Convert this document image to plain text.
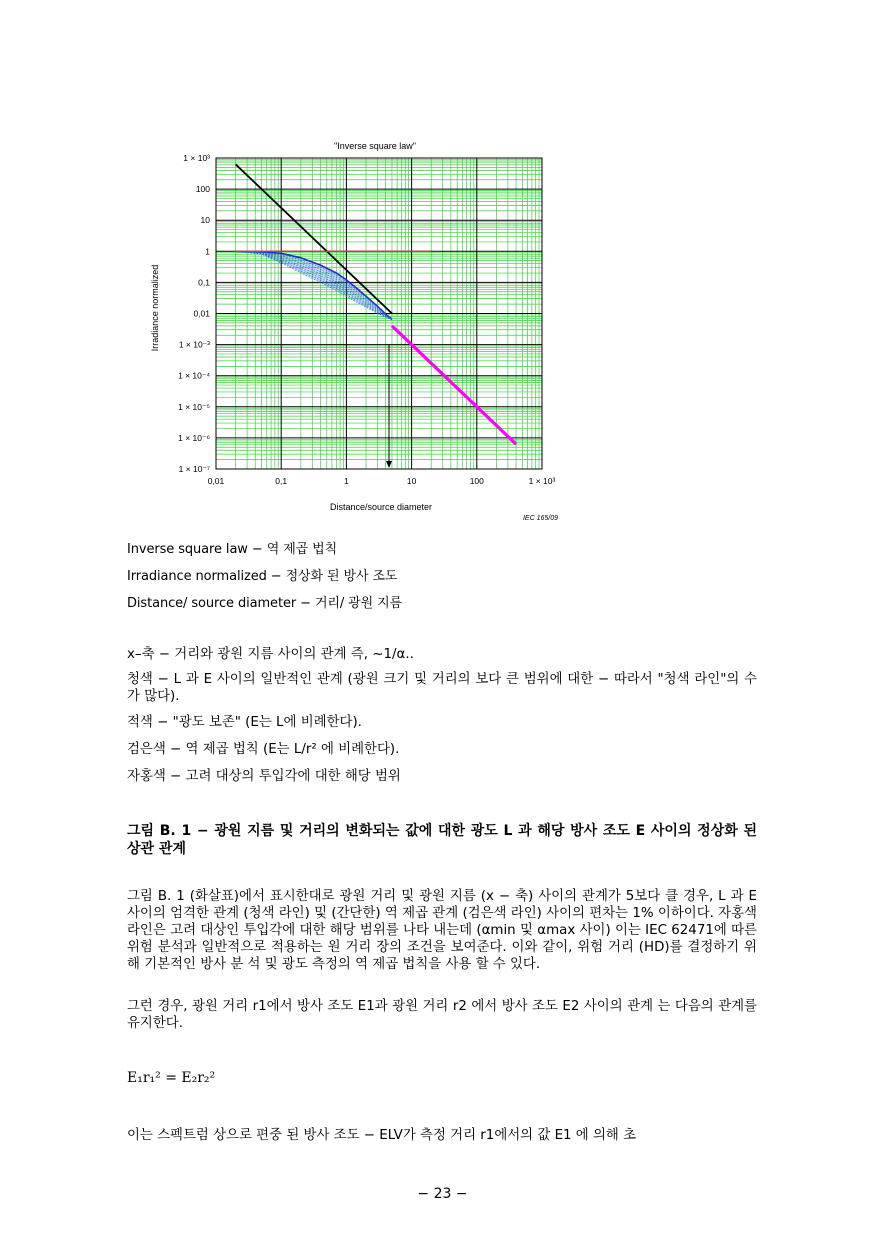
"Inverse square law"
Irradiance normalized
Distance/source diameter
IEC 165/09
0,01	0,1	1	10	100	1 × 10³
1 × 10³
100
10
1
0,1
0,01
1 × 10⁻³
1 × 10⁻⁴
1 × 10⁻⁵
1 × 10⁻⁶
1 × 10⁻⁷
Inverse square law − 역 제곱 법칙
Irradiance normalized − 정상화 된 방사 조도
Distance/ source diameter − 거리/ 광원 지름
x–축 − 거리와 광원 지름 사이의 관계 즉, ~1/α..
청색 − L 과 E 사이의 일반적인 관계 (광원 크기 및 거리의 보다 큰 범위에 대한 − 따라서 "청색 라인"의 수가 많다).
적색 − "광도 보존" (E는 L에 비례한다).
검은색 − 역 제곱 법칙 (E는 L/r² 에 비례한다).
자홍색 − 고려 대상의 투입각에 대한 해당 범위
그림 B. 1 − 광원 지름 및 거리의 변화되는 값에 대한 광도 L 과 해당 방사 조도 E 사이의 정상화 된 상관 관계
그림 B. 1 (화살표)에서 표시한대로 광원 거리 및 광원 지름 (x − 축) 사이의 관계가 5보다 클 경우, L 과 E 사이의 엄격한 관계 (청색 라인) 및 (간단한) 역 제곱 관계 (검은색 라인) 사이의 편차는 1% 이하이다. 자홍색 라인은 고려 대상인 투입각에 대한 해당 범위를 나타 내는데 (αmin 및 αmax 사이) 이는 IEC 62471에 따른 위험 분석과 일반적으로 적용하는 원 거리 장의 조건을 보여준다. 이와 같이, 위험 거리 (HD)를 결정하기 위해 기본적인 방사 분 석 및 광도 측정의 역 제곱 법칙을 사용 할 수 있다.
그런 경우, 광원 거리 r1에서 방사 조도 E1과 광원 거리 r2 에서 방사 조도 E2 사이의 관계 는 다음의 관계를 유지한다.
E₁r₁² = E₂r₂²
이는 스펙트럼 상으로 편중 된 방사 조도 − ELV가 측정 거리 r1에서의 값 E1 에 의해 초
− 23 −
